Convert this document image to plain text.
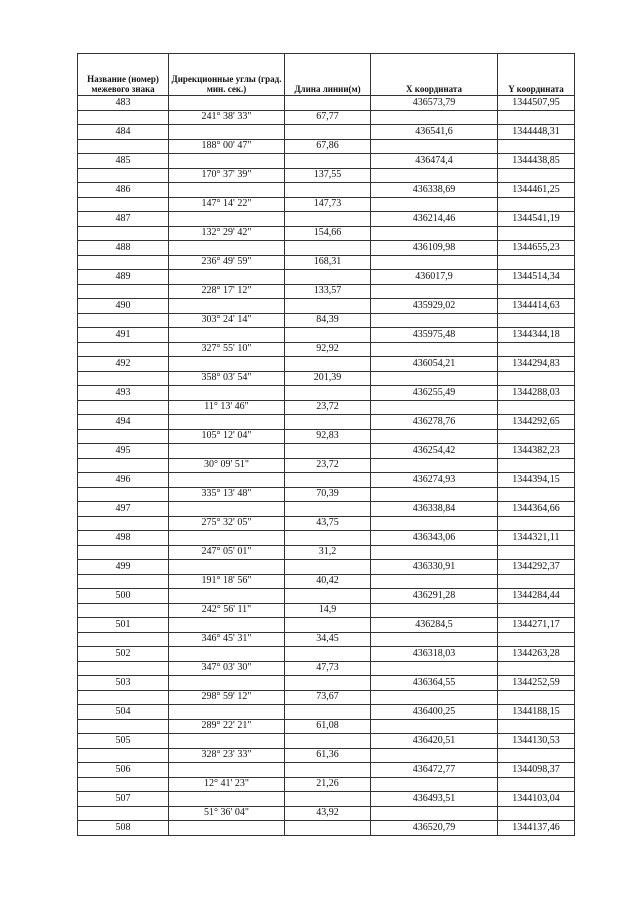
Название (номер) межевого знака	Дирекционные углы (град. мин. сек.)	Длина линии(м)	X координата	Y координата
483			436573,79	1344507,95
	241° 38' 33"	67,77		
484			436541,6	1344448,31
	188° 00' 47"	67,86		
485			436474,4	1344438,85
	170° 37' 39"	137,55		
486			436338,69	1344461,25
	147° 14' 22"	147,73		
487			436214,46	1344541,19
	132° 29' 42"	154,66		
488			436109,98	1344655,23
	236° 49' 59"	168,31		
489			436017,9	1344514,34
	228° 17' 12"	133,57		
490			435929,02	1344414,63
	303° 24' 14"	84,39		
491			435975,48	1344344,18
	327° 55' 10"	92,92		
492			436054,21	1344294,83
	358° 03' 54"	201,39		
493			436255,49	1344288,03
	11° 13' 46"	23,72		
494			436278,76	1344292,65
	105° 12' 04"	92,83		
495			436254,42	1344382,23
	30° 09' 51"	23,72		
496			436274,93	1344394,15
	335° 13' 48"	70,39		
497			436338,84	1344364,66
	275° 32' 05"	43,75		
498			436343,06	1344321,11
	247° 05' 01"	31,2		
499			436330,91	1344292,37
	191° 18' 56"	40,42		
500			436291,28	1344284,44
	242° 56' 11"	14,9		
501			436284,5	1344271,17
	346° 45' 31"	34,45		
502			436318,03	1344263,28
	347° 03' 30"	47,73		
503			436364,55	1344252,59
	298° 59' 12"	73,67		
504			436400,25	1344188,15
	289° 22' 21"	61,08		
505			436420,51	1344130,53
	328° 23' 33"	61,36		
506			436472,77	1344098,37
	12° 41' 23"	21,26		
507			436493,51	1344103,04
	51° 36' 04"	43,92		
508			436520,79	1344137,46
